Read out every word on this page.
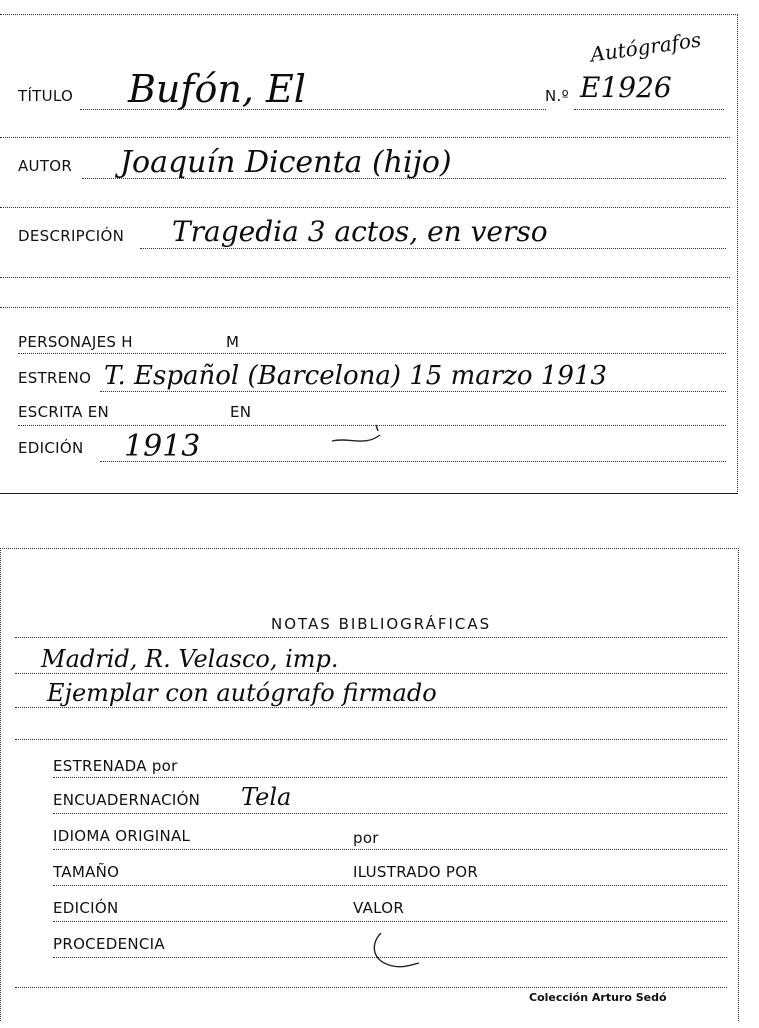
Autógrafos
TÍTULO Bufón, El	N.º E1926
AUTOR Joaquín Dicenta (hijo)
DESCRIPCIÓN Tragedia 3 actos, en verso
PERSONAJES H	M
ESTRENO T. Español (Barcelona) 15 marzo 1913
ESCRITA EN	EN
EDICIÓN 1913
NOTAS BIBLIOGRÁFICAS
Madrid, R. Velasco, imp.
Ejemplar con autógrafo firmado
ESTRENADA por
ENCUADERNACIÓN Tela
IDIOMA ORIGINAL	por
TAMAÑO	ILUSTRADO POR
EDICIÓN	VALOR
PROCEDENCIA
Colección Arturo Sedó
